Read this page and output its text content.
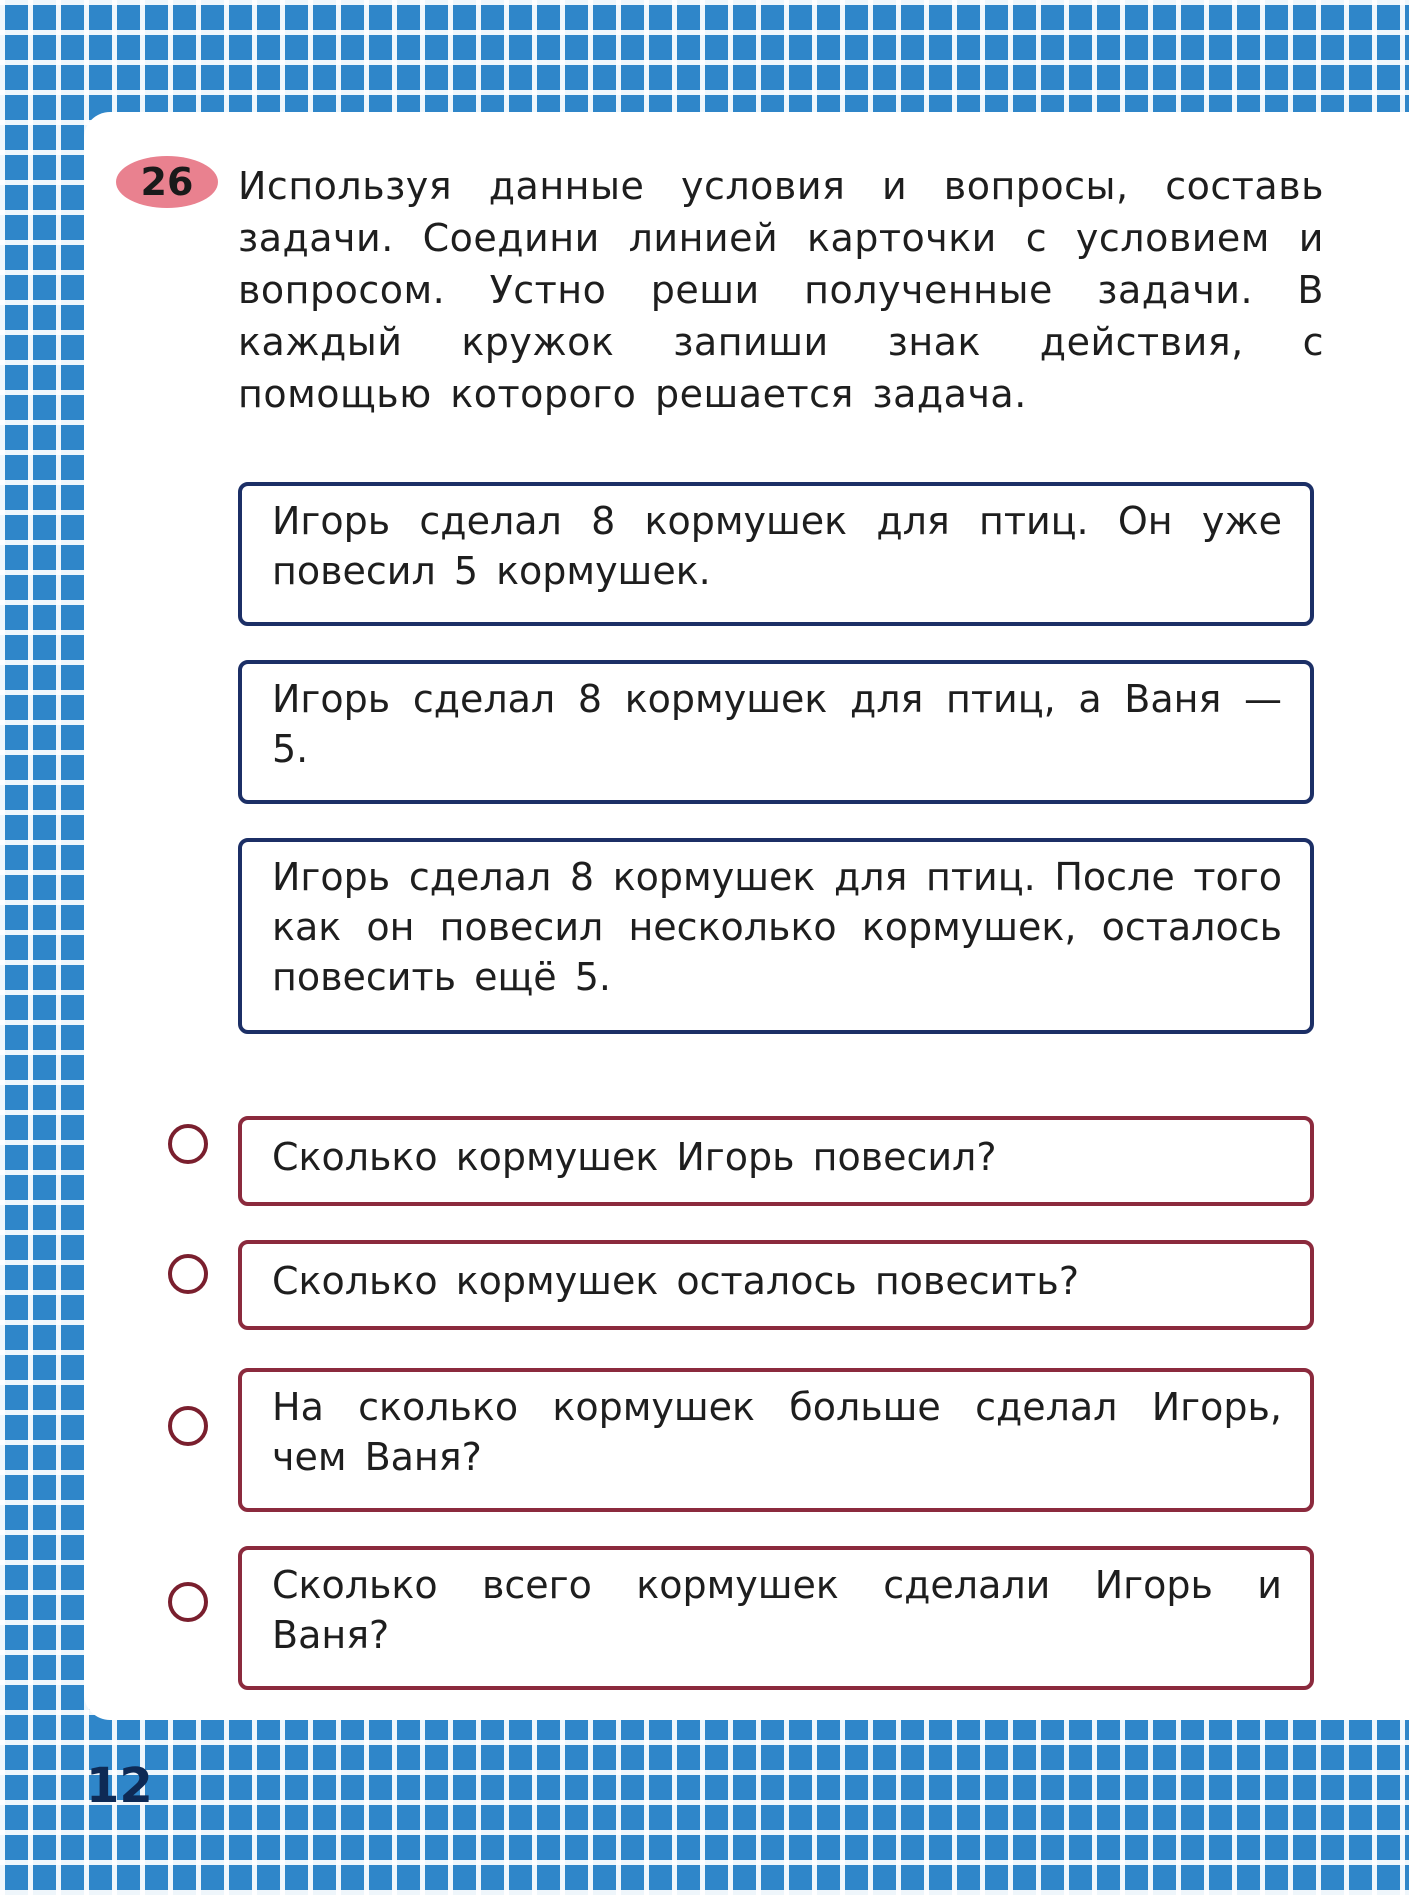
26	Используя данные условия и вопросы, составь задачи. Соедини линией карточки с условием и вопросом. Устно реши полученные задачи. В каждый кружок запиши знак действия, с помощью которого решается задача.

Игорь сделал 8 кормушек для птиц. Он уже повесил 5 кормушек.
Игорь сделал 8 кормушек для птиц, а Ваня — 5.
Игорь сделал 8 кормушек для птиц. После того как он повесил несколько кормушек, осталось повесить ещё 5.
Сколько кормушек Игорь повесил?
Сколько кормушек осталось повесить?
На сколько кормушек больше сделал Игорь, чем Ваня?
Сколько всего кормушек сделали Игорь и Ваня?
12
